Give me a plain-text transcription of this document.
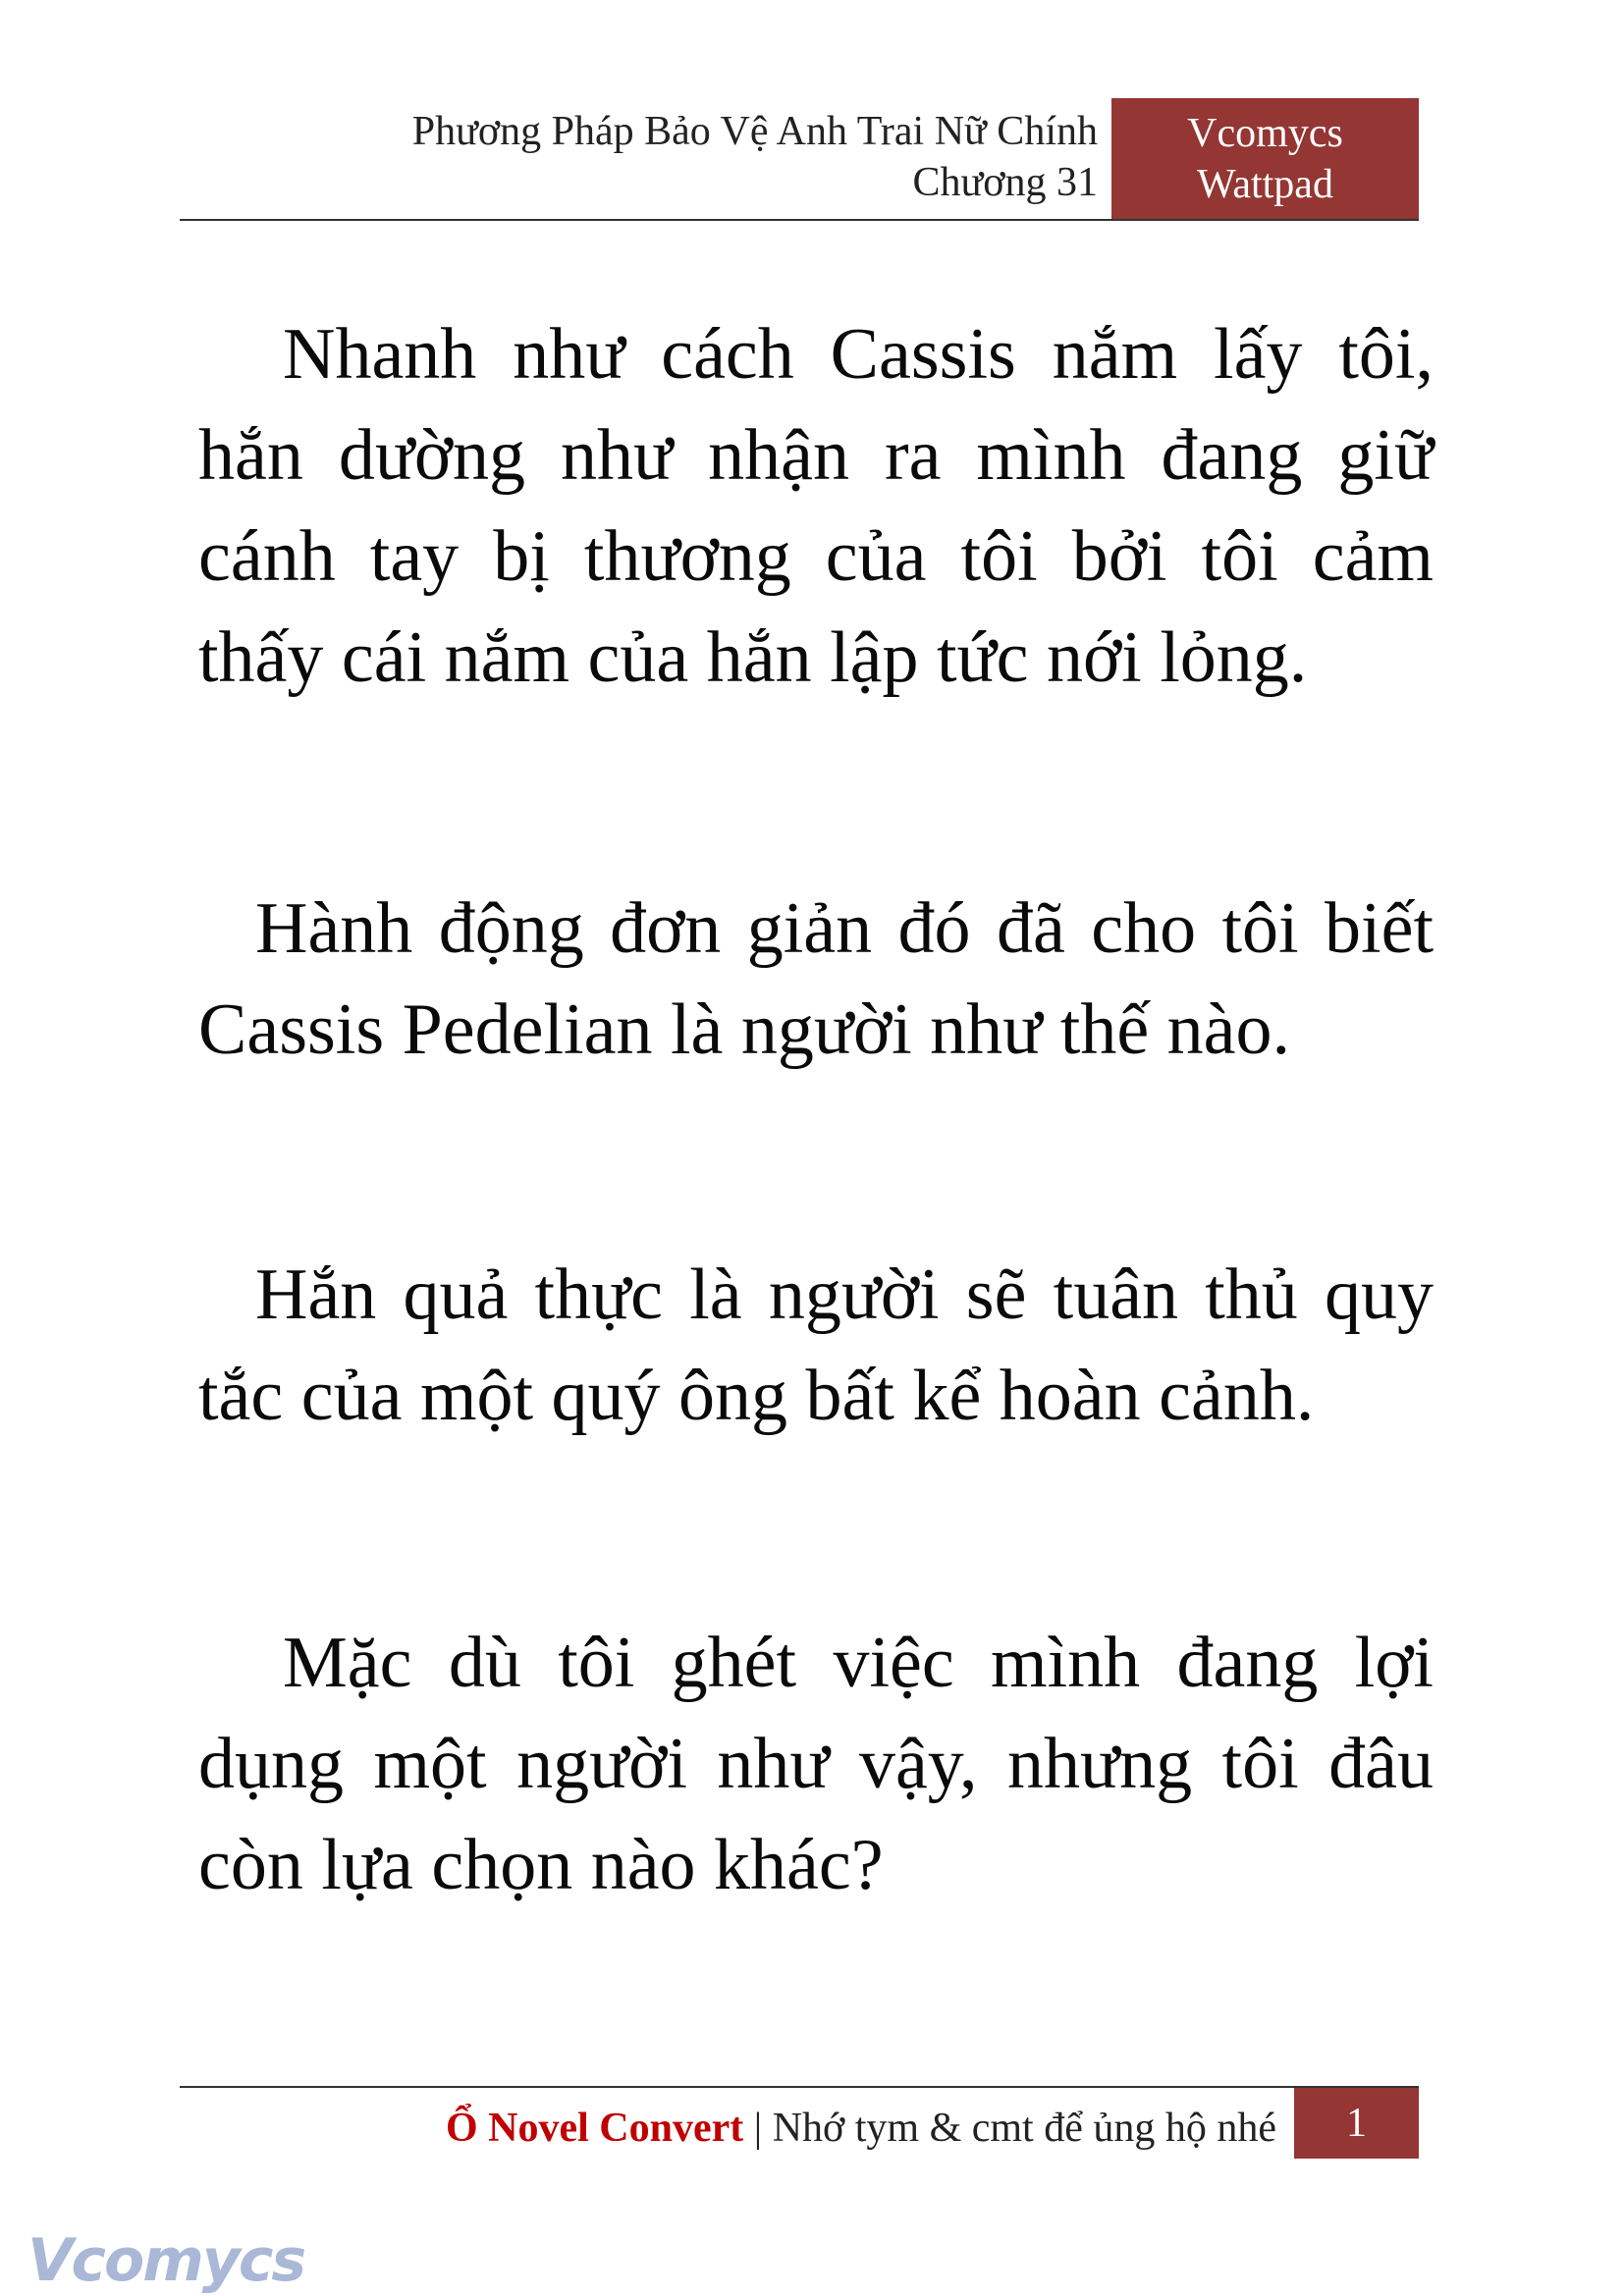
Phương Pháp Bảo Vệ Anh Trai Nữ Chính
Chương 31
Vcomycs
Wattpad
Nhanh như cách Cassis nắm lấy tôi, hắn dường như nhận ra mình đang giữ cánh tay bị thương của tôi bởi tôi cảm thấy cái nắm của hắn lập tức nới lỏng.
Hành động đơn giản đó đã cho tôi biết Cassis Pedelian là người như thế nào.
Hắn quả thực là người sẽ tuân thủ quy tắc của một quý ông bất kể hoàn cảnh.
Mặc dù tôi ghét việc mình đang lợi dụng một người như vậy, nhưng tôi đâu còn lựa chọn nào khác?
Ổ Novel Convert | Nhớ tym & cmt để ủng hộ nhé	1
Vcomycs
